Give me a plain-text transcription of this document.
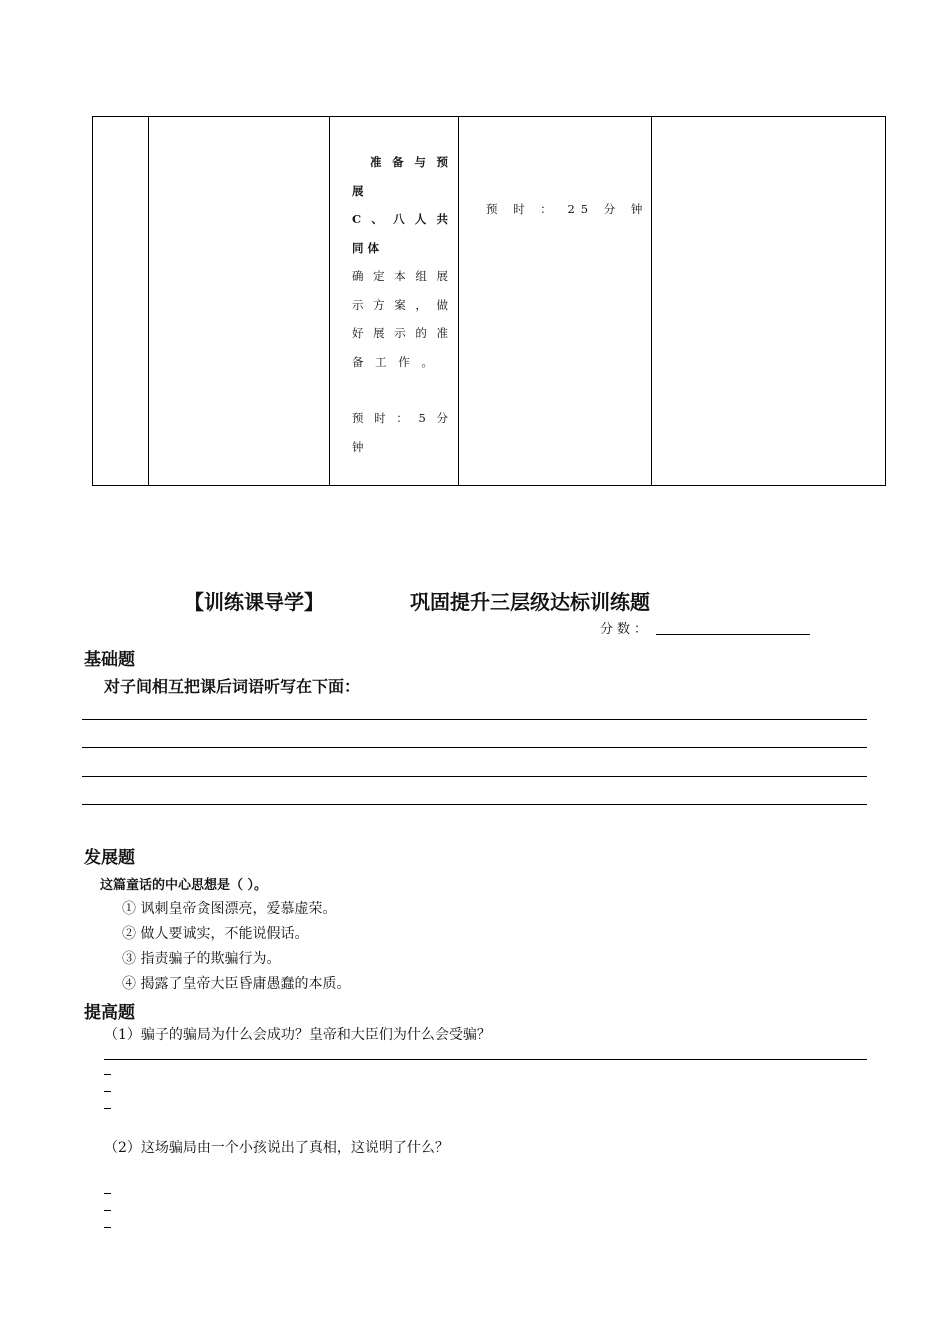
准 备 与 预
展
C 、 八 人 共
同 体
确 定 本 组 展
示 方 案 ， 做
好 展 示 的 准
备 工 作 。
预 时 ： 5 分
钟
预 时 ： 25 分 钟
【训练课导学】	巩固提升三层级达标训练题
分数：
基础题
对子间相互把课后词语听写在下面：
发展题
这篇童话的中心思想是（ ）。
① 讽刺皇帝贪图漂亮，爱慕虚荣。
② 做人要诚实，不能说假话。
③ 指责骗子的欺骗行为。
④ 揭露了皇帝大臣昏庸愚蠢的本质。
提高题
（1）骗子的骗局为什么会成功？皇帝和大臣们为什么会受骗？
（2）这场骗局由一个小孩说出了真相，这说明了什么？
